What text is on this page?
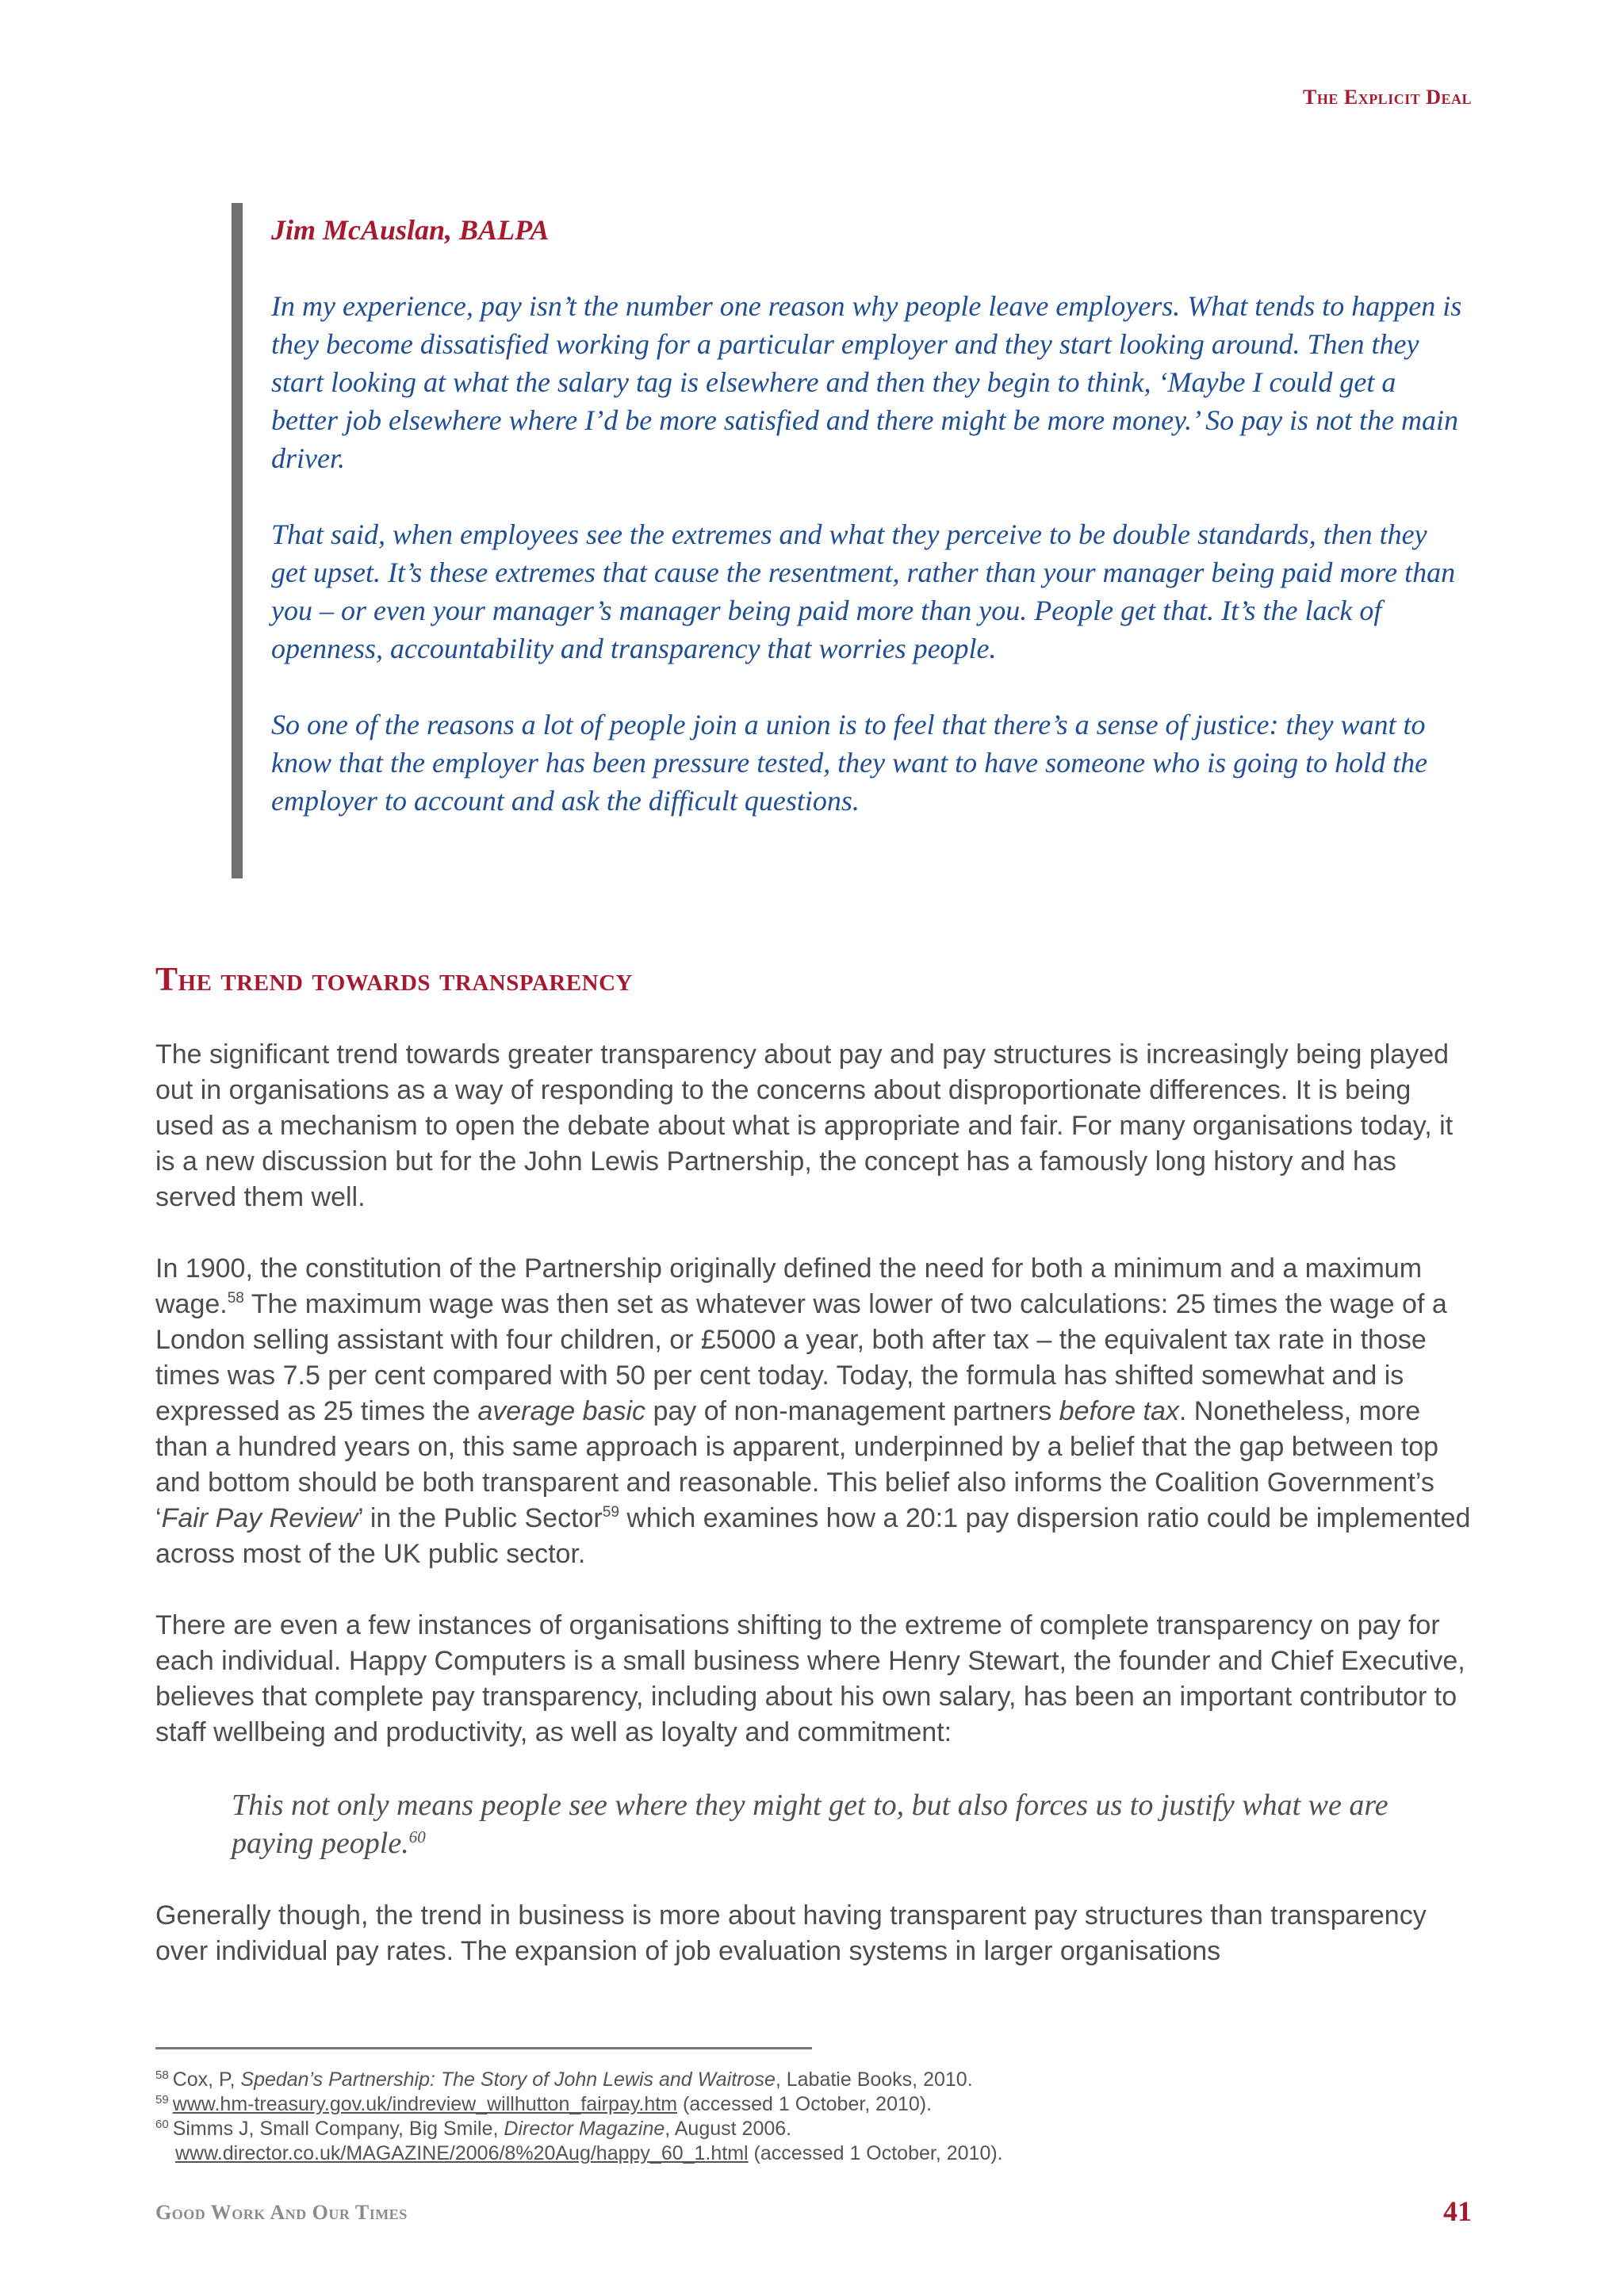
The Explicit Deal
Jim McAuslan, BALPA

In my experience, pay isn’t the number one reason why people leave employers. What tends to happen is they become dissatisfied working for a particular employer and they start looking around. Then they start looking at what the salary tag is elsewhere and then they begin to think, ‘Maybe I could get a better job elsewhere where I’d be more satisfied and there might be more money.’ So pay is not the main driver.

That said, when employees see the extremes and what they perceive to be double standards, then they get upset. It’s these extremes that cause the resentment, rather than your manager being paid more than you – or even your manager’s manager being paid more than you. People get that. It’s the lack of openness, accountability and transparency that worries people.

So one of the reasons a lot of people join a union is to feel that there’s a sense of justice: they want to know that the employer has been pressure tested, they want to have someone who is going to hold the employer to account and ask the difficult questions.

The trend towards transparency

The significant trend towards greater transparency about pay and pay structures is increasingly being played out in organisations as a way of responding to the concerns about disproportionate differences. It is being used as a mechanism to open the debate about what is appropriate and fair. For many organisations today, it is a new discussion but for the John Lewis Partnership, the concept has a famously long history and has served them well.

In 1900, the constitution of the Partnership originally defined the need for both a minimum and a maximum wage.$^{58}$ The maximum wage was then set as whatever was lower of two calculations: 25 times the wage of a London selling assistant with four children, or £5000 a year, both after tax – the equivalent tax rate in those times was 7.5 per cent compared with 50 per cent today. Today, the formula has shifted somewhat and is expressed as 25 times the average basic pay of non-management partners before tax. Nonetheless, more than a hundred years on, this same approach is apparent, underpinned by a belief that the gap between top and bottom should be both transparent and reasonable. This belief also informs the Coalition Government’s ‘Fair Pay Review’ in the Public Sector$^{59}$ which examines how a 20:1 pay dispersion ratio could be implemented across most of the UK public sector.

There are even a few instances of organisations shifting to the extreme of complete transparency on pay for each individual. Happy Computers is a small business where Henry Stewart, the founder and Chief Executive, believes that complete pay transparency, including about his own salary, has been an important contributor to staff wellbeing and productivity, as well as loyalty and commitment:

This not only means people see where they might get to, but also forces us to justify what we are paying people.$^{60}$

Generally though, the trend in business is more about having transparent pay structures than transparency over individual pay rates. The expansion of job evaluation systems in larger organisations

$^{58}$ Cox, P, Spedan’s Partnership: The Story of John Lewis and Waitrose, Labatie Books, 2010.

$^{59}$ www.hm-treasury.gov.uk/indreview_willhutton_fairpay.htm (accessed 1 October, 2010).

$^{60}$ Simms J, Small Company, Big Smile, Director Magazine, August 2006.

www.director.co.uk/MAGAZINE/2006/8%20Aug/happy_60_1.html (accessed 1 October, 2010).

Good Work And Our Times	41
